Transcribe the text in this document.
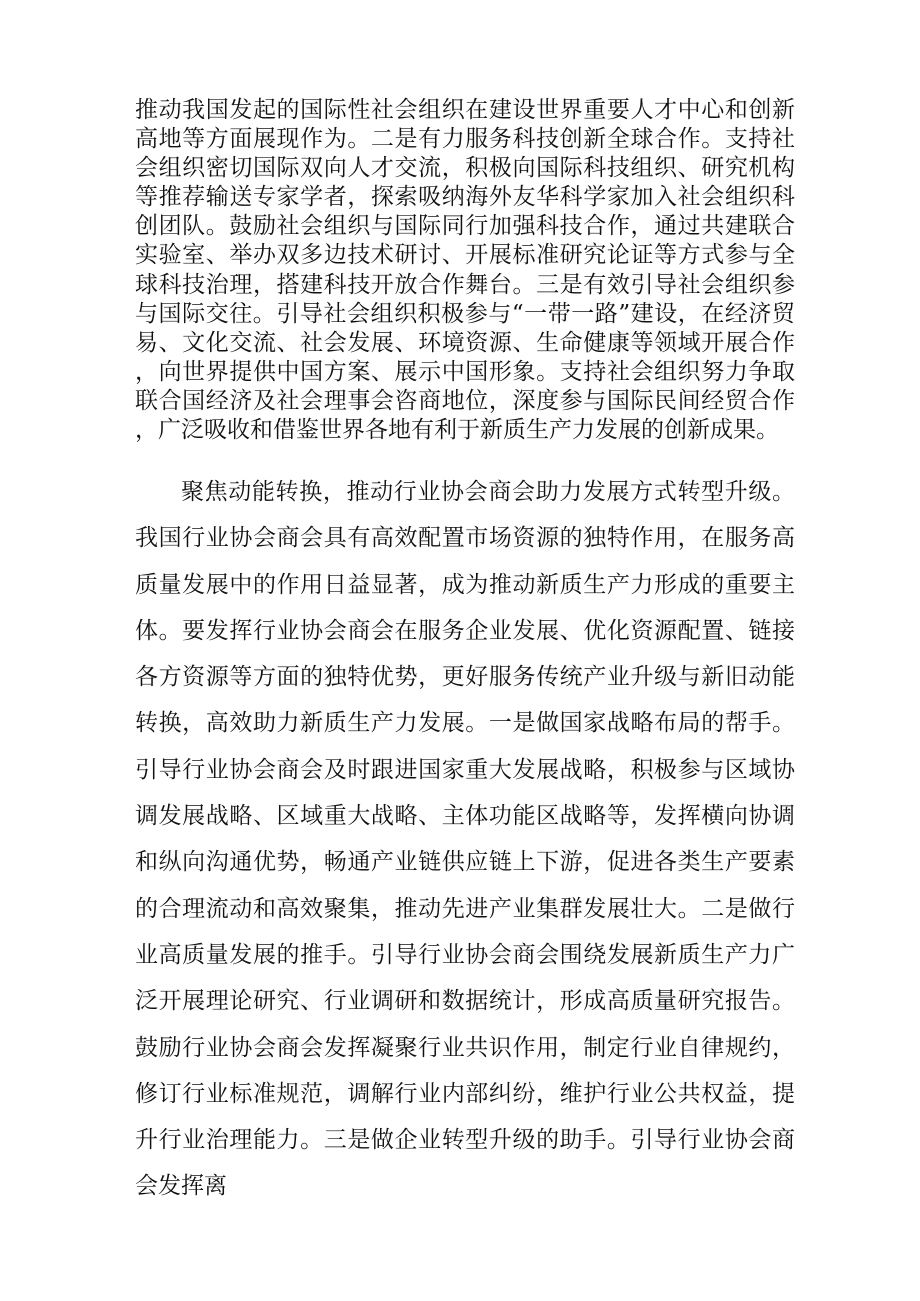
推动我国发起的国际性社会组织在建设世界重要人才中心和创新高地等方面展现作为。二是有力服务科技创新全球合作。支持社会组织密切国际双向人才交流，积极向国际科技组织、研究机构等推荐输送专家学者，探索吸纳海外友华科学家加入社会组织科创团队。鼓励社会组织与国际同行加强科技合作，通过共建联合实验室、举办双多边技术研讨、开展标准研究论证等方式参与全球科技治理，搭建科技开放合作舞台。三是有效引导社会组织参与国际交往。引导社会组织积极参与“一带一路”建设，在经济贸易、文化交流、社会发展、环境资源、生命健康等领域开展合作，向世界提供中国方案、展示中国形象。支持社会组织努力争取联合国经济及社会理事会咨商地位，深度参与国际民间经贸合作，广泛吸收和借鉴世界各地有利于新质生产力发展的创新成果。

聚焦动能转换，推动行业协会商会助力发展方式转型升级。我国行业协会商会具有高效配置市场资源的独特作用，在服务高质量发展中的作用日益显著，成为推动新质生产力形成的重要主体。要发挥行业协会商会在服务企业发展、优化资源配置、链接各方资源等方面的独特优势，更好服务传统产业升级与新旧动能转换，高效助力新质生产力发展。一是做国家战略布局的帮手。引导行业协会商会及时跟进国家重大发展战略，积极参与区域协调发展战略、区域重大战略、主体功能区战略等，发挥横向协调和纵向沟通优势，畅通产业链供应链上下游，促进各类生产要素的合理流动和高效聚集，推动先进产业集群发展壮大。二是做行业高质量发展的推手。引导行业协会商会围绕发展新质生产力广泛开展理论研究、行业调研和数据统计，形成高质量研究报告。鼓励行业协会商会发挥凝聚行业共识作用，制定行业自律规约，修订行业标准规范，调解行业内部纠纷，维护行业公共权益，提升行业治理能力。三是做企业转型升级的助手。引导行业协会商会发挥离
